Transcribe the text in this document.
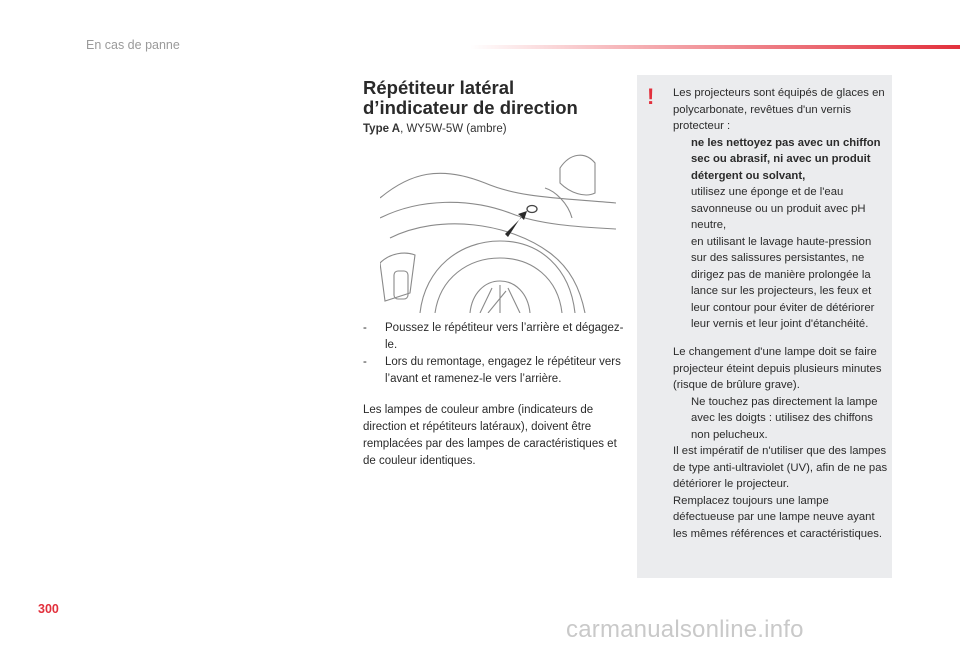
En cas de panne
Répétiteur latéral
d’indicateur de direction
Type A, WY5W-5W (ambre)
-	Poussez le répétiteur vers l’arrière et dégagez-le.
-	Lors du remontage, engagez le répétiteur vers l’avant et ramenez-le vers l’arrière.
Les lampes de couleur ambre (indicateurs de direction et répétiteurs latéraux), doivent être remplacées par des lampes de caractéristiques et de couleur identiques.
! Les projecteurs sont équipés de glaces en polycarbonate, revêtues d'un vernis protecteur :
ne les nettoyez pas avec un chiffon sec ou abrasif, ni avec un produit détergent ou solvant,
utilisez une éponge et de l'eau savonneuse ou un produit avec pH neutre,
en utilisant le lavage haute-pression sur des salissures persistantes, ne dirigez pas de manière prolongée la lance sur les projecteurs, les feux et leur contour pour éviter de détériorer leur vernis et leur joint d'étanchéité.
Le changement d'une lampe doit se faire projecteur éteint depuis plusieurs minutes (risque de brûlure grave).
Ne touchez pas directement la lampe avec les doigts : utilisez des chiffons non pelucheux.
Il est impératif de n'utiliser que des lampes de type anti-ultraviolet (UV), afin de ne pas détériorer le projecteur.
Remplacez toujours une lampe défectueuse par une lampe neuve ayant les mêmes références et caractéristiques.
300
carmanualsonline.info
